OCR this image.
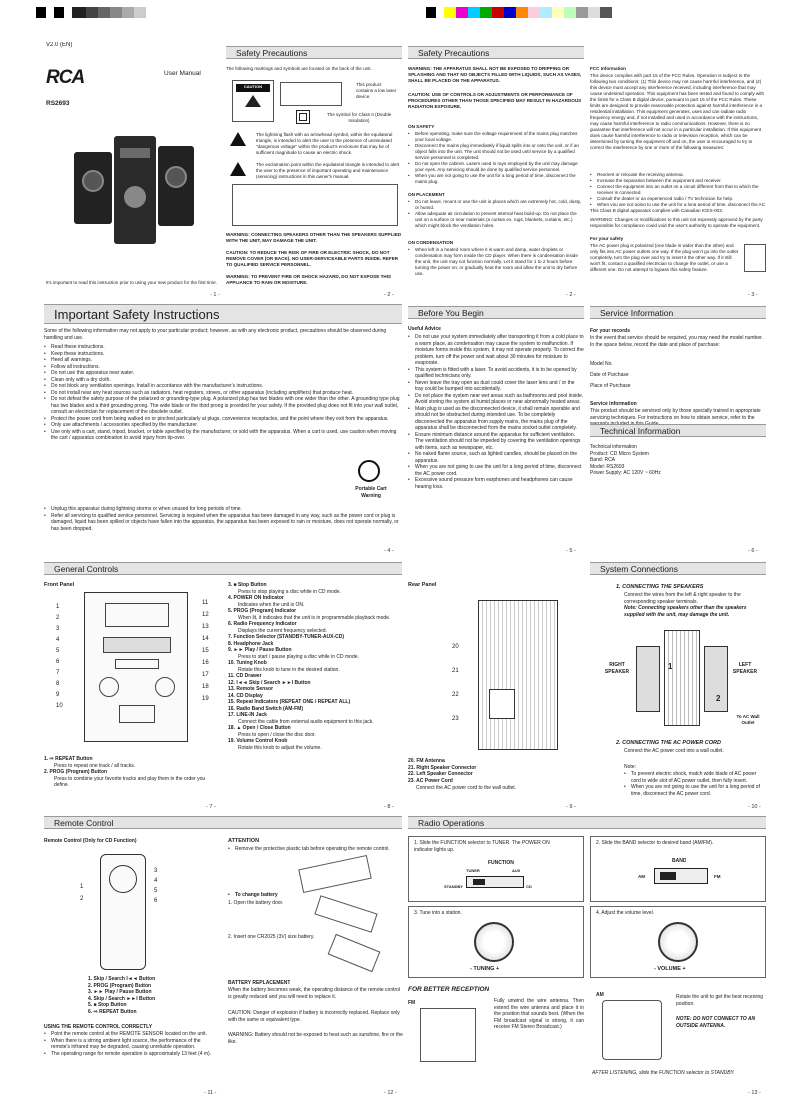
V2.0 (EN)
RCA	User Manual
RS2693
It's important to read this instruction prior to using your new product for the first time.
- 1 -
Safety Precautions
The following markings and symbols are located on the back of the unit.
CAUTION	This product contains a low laser device.
The symbol for Class II (Double Insulation)
The lightning flash with an arrowhead symbol, within the equilateral triangle, is intended to alert the user to the presence of uninsulated "dangerous voltage" within the product's enclosure that may be of sufficient magnitude to cause an electric shock.
The exclamation point within the equilateral triangle is intended to alert the user to the presence of important operating and maintenance (servicing) instructions in this owner's manual.
WARNING: CONNECTING SPEAKERS OTHER THAN THE SPEAKERS SUPPLIED WITH THE UNIT, MAY DAMAGE THE UNIT.
CAUTION: TO REDUCE THE RISK OF FIRE OR ELECTRIC SHOCK, DO NOT REMOVE COVER (OR BACK). NO USER-SERVICEABLE PARTS INSIDE. REFER TO QUALIFIED SERVICE PERSONNEL.
WARNING: TO PREVENT FIRE OR SHOCK HAZARD, DO NOT EXPOSE THIS APPLIANCE TO RAIN OR MOISTURE.
- 2 -
Safety Precautions
WARNING: THE APPARATUS SHALL NOT BE EXPOSED TO DRIPPING OR SPLASHING AND THAT NO OBJECTS FILLED WITH LIQUIDS, SUCH AS VASES, SHALL BE PLACED ON THE APPARATUS.
CAUTION: USE OF CONTROLS OR ADJUSTMENTS OR PERFORMANCE OF PROCEDURES OTHER THAN THOSE SPECIFIED MAY RESULT IN HAZARDOUS RADIATION EXPOSURE.
ON SAFETY
• Before operating, make sure the voltage requirement of the mains plug matches your local voltage.
• Disconnect the mains plug immediately if liquid spills into or onto the unit, or if an object falls into the unit. The unit should not be used until service by a qualified service personnel is completed.
• Do not open the cabinet. Lasers used in rays employed by the unit may damage your eyes. Any servicing should be done by qualified service personnel.
• When you are not going to use the unit for a long period of time, disconnect the mains plug.
ON PLACEMENT
• Do not leave, mount or use the unit in places which are extremely hot, cold, dusty, or humid.
• Allow adequate air circulation to prevent internal heat build-up. Do not place the unit on a surface or near materials (a curtain ex. rugs, blankets, curtains, etc.) which might block the ventilation holes.
ON CONDENSATION
• When left in a heated room where it is warm and damp, water droplets or condensation may form inside the CD player. When there is condensation inside the unit, the unit may not function normally. Let it stand for 1 to 2 hours before turning the power on, or gradually heat the room and allow the unit to dry before use.
- 2 -
FCC Information
This device complies with part 15 of the FCC Rules. Operation is subject to the following two conditions: (1) This device may not cause harmful interference, and (2) this device must accept any interference received, including interference that may cause undesired operation. This equipment has been tested and found to comply with the limits for a Class B digital device, pursuant to part 15 of the FCC Rules. These limits are designed to provide reasonable protection against harmful interference in a residential installation. This equipment generates, uses and can radiate radio frequency energy and, if not installed and used in accordance with the instructions, may cause harmful interference to radio communications. However, there is no guarantee that interference will not occur in a particular installation. If this equipment does cause harmful interference to radio or television reception, which can be determined by turning the equipment off and on, the user is encouraged to try to correct the interference by one or more of the following measures:
• Reorient or relocate the receiving antenna.
• Increase the separation between the equipment and receiver.
• Connect the equipment into an outlet on a circuit different from that to which the receiver is connected.
• Consult the dealer or an experienced radio / TV technician for help.
• When you are not going to use the unit for a long period of time, disconnect the AC
This Class B digital apparatus complies with Canadian ICES-003.
WARNING: Changes or modifications to this unit not expressly approved by the party responsible for compliance could void the user's authority to operate the equipment.
For your safety
The AC power plug is polarized (one blade is wider than the other) and only fits into AC power outlets one way. If the plug won't go into the outlet completely, turn the plug over and try to insert it the other way. If it still won't fit, contact a qualified electrician to change the outlet, or use a different one. Do not attempt to bypass this safety feature.
- 3 -
Important Safety Instructions
Some of the following information may not apply to your particular product; however, as with any electronic product, precautions should be observed during handling and use.
• Read these instructions.
• Keep these instructions.
• Heed all warnings.
• Follow all instructions.
• Do not use this apparatus near water.
• Clean only with a dry cloth.
• Do not block any ventilation openings. Install in accordance with the manufacturer's instructions.
• Do not install near any heat sources such as radiators, heat registers, stoves, or other apparatus (including amplifiers) that produce heat.
• Do not defeat the safety purpose of the polarized or grounding-type plug. A polarized plug has two blades with one wider than the other. A grounding type plug has two blades and a third grounding prong. The wide blade or the third prong is provided for your safety. If the provided plug does not fit into your wall outlet, consult an electrician for replacement of the obsolete outlet.
• Protect the power cord from being walked on or pinched particularly at plugs, convenience receptacles, and the point where they exit from the apparatus.
• Only use attachments / accessories specified by the manufacturer.
• Use only with a cart, stand, tripod, bracket, or table specified by the manufacturer, or sold with the apparatus. When a cart is used, use caution when moving the cart / apparatus combination to avoid injury from tip-over.
Portable Cart Warning
• Unplug this apparatus during lightning storms or when unused for long periods of time.
• Refer all servicing to qualified service personnel. Servicing is required when the apparatus has been damaged in any way, such as the power cord or plug is damaged, liquid has been spilled or objects have fallen into the apparatus, the apparatus has been exposed to rain or moisture, does not operate normally, or has been dropped.
- 4 -
Before You Begin
Useful Advice
• Do not use your system immediately after transporting it from a cold place to a warm place, as condensation may cause the system to malfunction. If moisture forms inside this system, it may not operate properly. To correct the problem, turn off the power and wait about 30 minutes for moisture to evaporate.
• This system is fitted with a laser. To avoid accidents, it is to be opened by qualified technicians only.
• Never leave the tray open as dust could cover the laser lens and / or the tray could be bumped into accidentally.
• Do not place the system near wet areas such as bathrooms and pool inside. Avoid storing the system at humid places or near abnormally heated areas.
• Main plug is used as the disconnected device, it shall remain operable and should not be obstructed during intended use. To be completely disconnected the apparatus from supply mains, the mains plug of the apparatus shall be disconnected from the mains socket outlet completely.
• Ensure minimum distance around the apparatus for sufficient ventilation. The ventilation should not be impeded by covering the ventilation openings with items, such as newspaper, etc.
• No naked flame source, such as lighted candles, should be placed on the apparatus.
• When you are not going to use the unit for a long period of time, disconnect the AC power cord.
• Excessive sound pressure form earphones and headphones can cause hearing loss.
- 5 -
Service Information
For your records
In the event that service should be required, you may need the model number. In the space below, record the date and place of purchase:
Model No.
Date of Purchase
Place of Purchase
Service information
This product should be serviced only by those specially trained in appropriate servicing techniques. For instructions on how to obtain service, refer to the
Technical Information
Technical information
Product: CD Micro System
Band: RCA
Model: RS2693
Power Supply: AC 120V ~ 60Hz
- 6 -
General Controls
Front Panel
1
2
3
4
5
6
7
8
9
10
11
12
13
14
15
16
17
18
19
1. ⇨ REPEAT Button
Press to repeat one track / all tracks.
2. PROG (Program) Button
Press to combine your favorite tracks and play them in the order you define.
- 7 -
3. ■ Stop Button
Press to stop playing a disc while in CD mode.
4. POWER ON Indicator
Indicates when the unit is ON.
5. PROG (Program) Indicator
When lit, it indicates that the unit is in programmable playback mode.
6. Radio Frequency Indicator
Displays the current frequency selected.
7. Function Selector (STANDBY-TUNER-AUX-CD)
8. Headphone Jack
9. ►► Play / Pause Button
Press to start / pause playing a disc while in CD mode.
10. Tuning Knob
Rotate this knob to tune in the desired station.
11. CD Drawer
12. I◄◄ Skip / Search ►►I Button
13. Remote Sensor
14. CD Display
15. Repeat Indicators (REPEAT ONE / REPEAT ALL)
16. Radio Band Switch (AM-FM)
17. LINE-IN Jack
Connect the cable from external audio equipment to this jack.
18. ▲ Open / Close Button
Press to open / close the disc door.
19. Volume Control Knob
Rotate this knob to adjust the volume.
- 8 -
Rear Panel
20
21
22
23
20. FM Antenna
21. Right Speaker Connector
22. Left Speaker Connector
23. AC Power Cord
Connect the AC power cord to the wall outlet.
- 9 -
System Connections
1. CONNECTING THE SPEAKERS
Connect the wires from the left & right speaker to the corresponding speaker terminals.
Note: Connecting speakers other than the speakers supplied with the unit, may damage the unit.
RIGHT SPEAKER
LEFT SPEAKER
1
2
To AC Wall Outlet
2. CONNECTING THE AC POWER CORD
Connect the AC power cord into a wall outlet.
Note:
• To prevent electric shock, match wide blade of AC power cord to wide slot of AC power outlet, then fully insert.
• When you are not going to use the unit for a long period of time, disconnect the AC power cord.
- 10 -
Remote Control
Remote Control (Only for CD Function)
1
2
3
4
5
6
1. Skip / Search I◄◄ Button
2. PROG (Program) Button
3. ►► Play / Pause Button
4. Skip / Search ►►I Button
5. ■ Stop Button
6. ⇨ REPEAT Button
USING THE REMOTE CONTROL CORRECTLY
• Point the remote control at the REMOTE SENSOR located on the unit.
• When there is a strong ambient light source, the performance of the remote's infrared may be degraded, causing unreliable operation.
• The operating range for remote operation is approximately 13 feet (4 m).
- 11 -
ATTENTION
• Remove the protective plastic tab before operating the remote control.
• To change battery
1. Open the battery door.
2. Insert one CR2025 (3V) size battery.
BATTERY REPLACEMENT
When the battery becomes weak, the operating distance of the remote control is greatly reduced and you will need to replace it.
CAUTION: Danger of explosion if battery is incorrectly replaced. Replace only with the same or equivalent type.
WARNING: Battery should not be exposed to heat such as sunshine, fire or the like.
- 12 -
Radio Operations
1. Slide the FUNCTION selector to TUNER. The POWER ON indicator lights up.
FUNCTION
TUNER	AUX
STANDBY	CD
2. Slide the BAND selector to desired band (AM/FM).
BAND
AM	FM
3. Tune into a station.
- TUNING +
4. Adjust the volume level.
- VOLUME +
FOR BETTER RECEPTION
FM	Fully unwind the wire antenna. Then extend the wire antenna and place it in the position that sounds best. (When the FM broadcast signal is strong, it can receive FM Stereo Broadcast.)
AM	Rotate the unit to get the best receiving position.
NOTE: DO NOT CONNECT TO AN OUTSIDE ANTENNA.
AFTER LISTENING, slide the FUNCTION selector to STANDBY.
- 13 -
